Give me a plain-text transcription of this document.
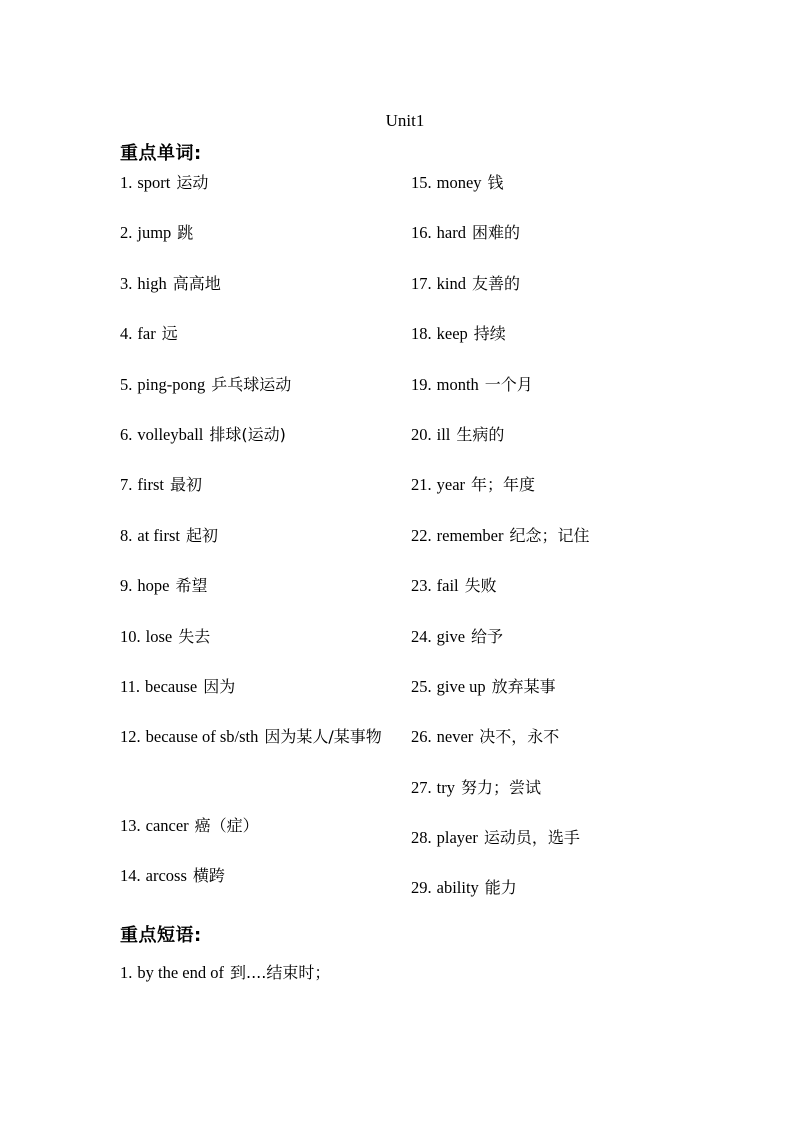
Unit1
重点单词:
1. sport 运动
2. jump 跳
3. high 高高地
4. far 远
5. ping-pong 乒乓球运动
6. volleyball 排球(运动)
7. first 最初
8. at first 起初
9. hope 希望
10. lose 失去
11. because 因为
12. because of sb/sth 因为某人/某事物
13. cancer 癌（症）
14. arcoss 横跨
15. money 钱
16. hard 困难的
17. kind 友善的
18. keep 持续
19. month 一个月
20. ill 生病的
21. year 年；年度
22. remember 纪念；记住
23. fail 失败
24. give 给予
25. give up 放弃某事
26. never 决不，永不
27. try 努力；尝试
28. player 运动员，选手
29. ability 能力
重点短语:
1. by the end of 到....结束时；
